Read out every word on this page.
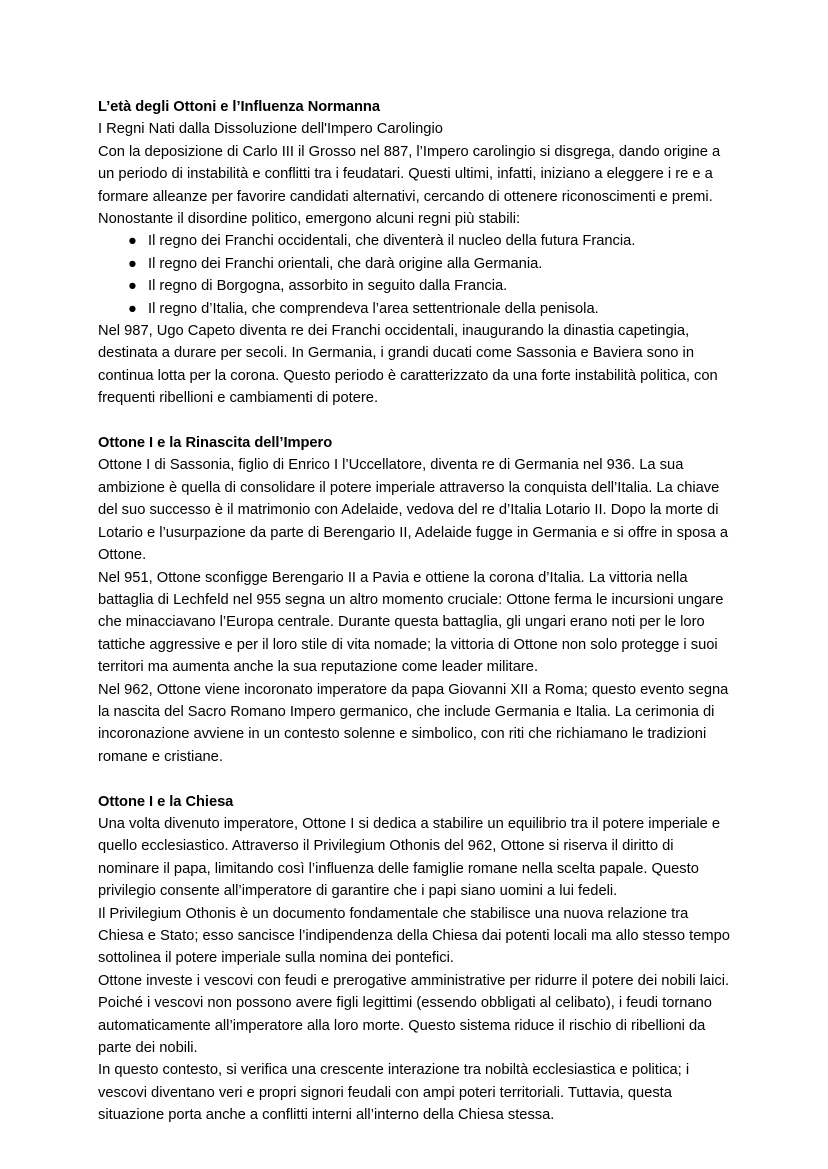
L’età degli Ottoni e l’Influenza Normanna
I Regni Nati dalla Dissoluzione dell'Impero Carolingio

Con la deposizione di Carlo III il Grosso nel 887, l’Impero carolingio si disgrega, dando origine a un periodo di instabilità e conflitti tra i feudatari. Questi ultimi, infatti, iniziano a eleggere i re e a formare alleanze per favorire candidati alternativi, cercando di ottenere riconoscimenti e premi. Nonostante il disordine politico, emergono alcuni regni più stabili:

● Il regno dei Franchi occidentali, che diventerà il nucleo della futura Francia.
● Il regno dei Franchi orientali, che darà origine alla Germania.
● Il regno di Borgogna, assorbito in seguito dalla Francia.
● Il regno d’Italia, che comprendeva l’area settentrionale della penisola.

Nel 987, Ugo Capeto diventa re dei Franchi occidentali, inaugurando la dinastia capetingia, destinata a durare per secoli. In Germania, i grandi ducati come Sassonia e Baviera sono in continua lotta per la corona. Questo periodo è caratterizzato da una forte instabilità politica, con frequenti ribellioni e cambiamenti di potere.

Ottone I e la Rinascita dell’Impero

Ottone I di Sassonia, figlio di Enrico I l’Uccellatore, diventa re di Germania nel 936. La sua ambizione è quella di consolidare il potere imperiale attraverso la conquista dell’Italia. La chiave del suo successo è il matrimonio con Adelaide, vedova del re d’Italia Lotario II. Dopo la morte di Lotario e l’usurpazione da parte di Berengario II, Adelaide fugge in Germania e si offre in sposa a Ottone.

Nel 951, Ottone sconfigge Berengario II a Pavia e ottiene la corona d’Italia. La vittoria nella battaglia di Lechfeld nel 955 segna un altro momento cruciale: Ottone ferma le incursioni ungare che minacciavano l’Europa centrale. Durante questa battaglia, gli ungari erano noti per le loro tattiche aggressive e per il loro stile di vita nomade; la vittoria di Ottone non solo protegge i suoi territori ma aumenta anche la sua reputazione come leader militare.

Nel 962, Ottone viene incoronato imperatore da papa Giovanni XII a Roma; questo evento segna la nascita del Sacro Romano Impero germanico, che include Germania e Italia. La cerimonia di incoronazione avviene in un contesto solenne e simbolico, con riti che richiamano le tradizioni romane e cristiane.

Ottone I e la Chiesa

Una volta divenuto imperatore, Ottone I si dedica a stabilire un equilibrio tra il potere imperiale e quello ecclesiastico. Attraverso il Privilegium Othonis del 962, Ottone si riserva il diritto di nominare il papa, limitando così l’influenza delle famiglie romane nella scelta papale. Questo privilegio consente all’imperatore di garantire che i papi siano uomini a lui fedeli.

Il Privilegium Othonis è un documento fondamentale che stabilisce una nuova relazione tra Chiesa e Stato; esso sancisce l’indipendenza della Chiesa dai potenti locali ma allo stesso tempo sottolinea il potere imperiale sulla nomina dei pontefici.

Ottone investe i vescovi con feudi e prerogative amministrative per ridurre il potere dei nobili laici. Poiché i vescovi non possono avere figli legittimi (essendo obbligati al celibato), i feudi tornano automaticamente all’imperatore alla loro morte. Questo sistema riduce il rischio di ribellioni da parte dei nobili.

In questo contesto, si verifica una crescente interazione tra nobiltà ecclesiastica e politica; i vescovi diventano veri e propri signori feudali con ampi poteri territoriali. Tuttavia, questa situazione porta anche a conflitti interni all’interno della Chiesa stessa.
